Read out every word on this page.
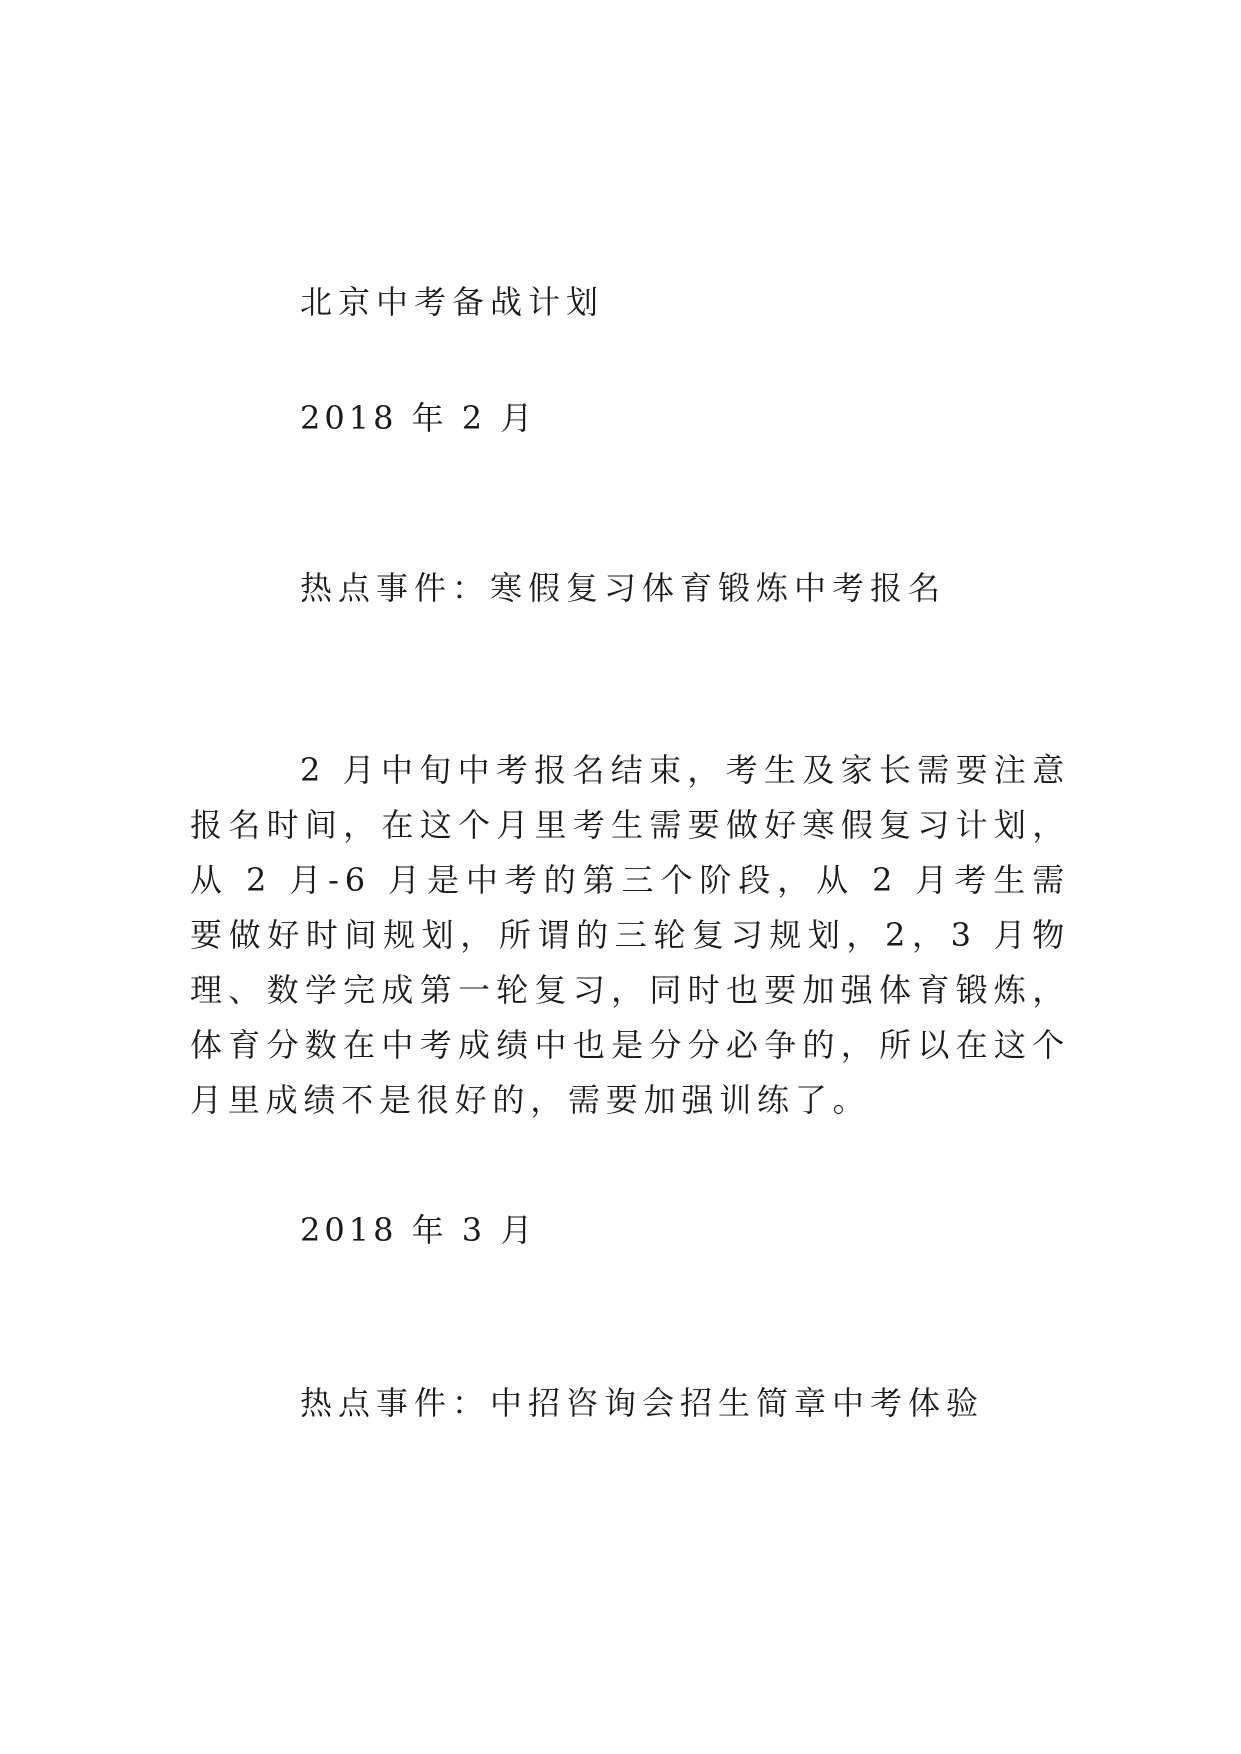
北京中考备战计划
2018 年 2 月
热点事件：寒假复习体育锻炼中考报名
2 月中旬中考报名结束，考生及家长需要注意报名时间，在这个月里考生需要做好寒假复习计划，从 2 月-6 月是中考的第三个阶段，从 2 月考生需要做好时间规划，所谓的三轮复习规划，2，3 月物理、数学完成第一轮复习，同时也要加强体育锻炼，体育分数在中考成绩中也是分分必争的，所以在这个月里成绩不是很好的，需要加强训练了。
2018 年 3 月
热点事件：中招咨询会招生简章中考体验
